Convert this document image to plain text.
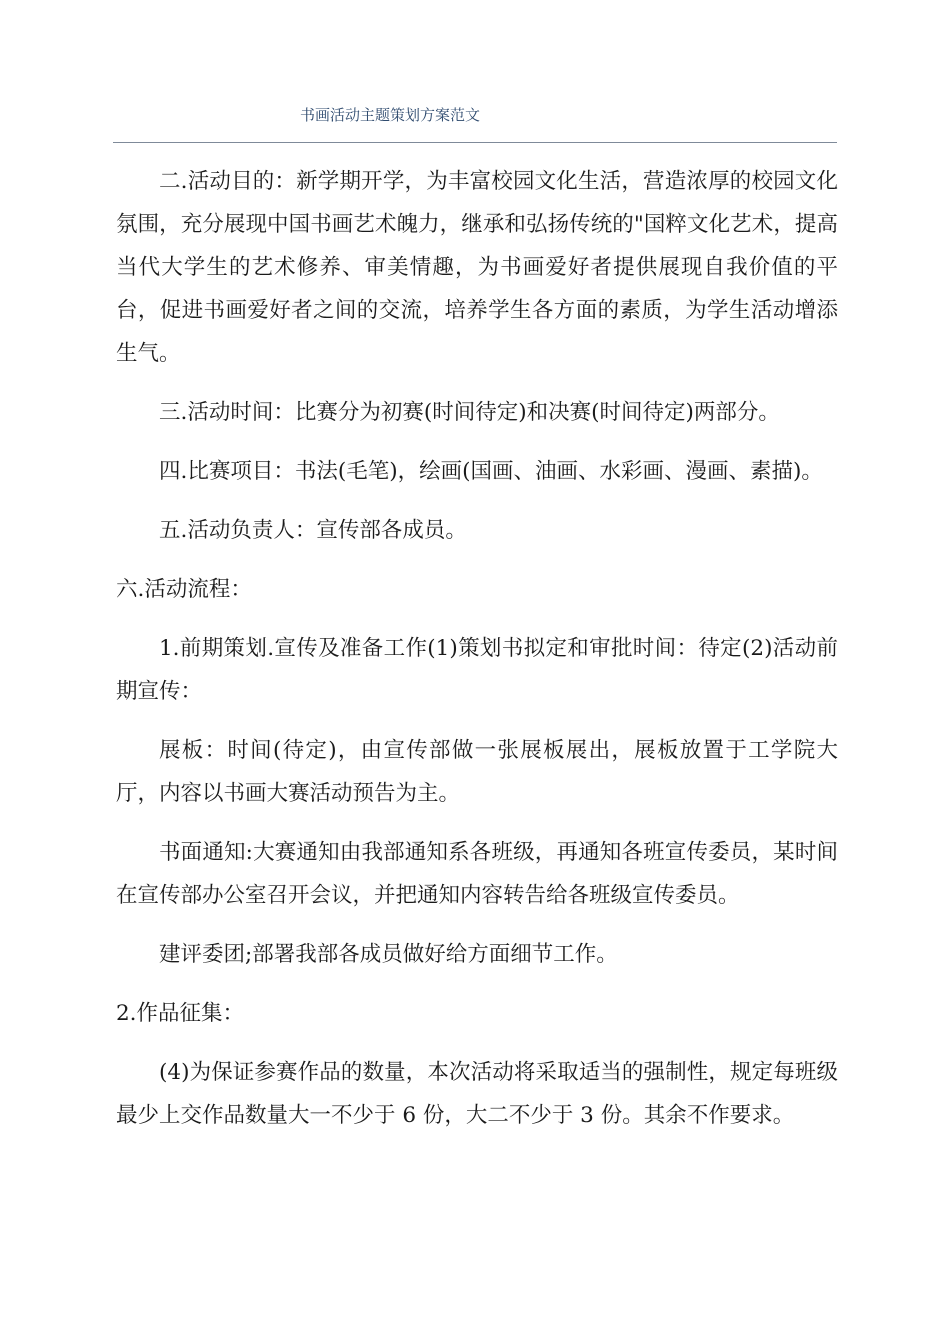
书画活动主题策划方案范文

二.活动目的：新学期开学，为丰富校园文化生活，营造浓厚的校园文化氛围，充分展现中国书画艺术魄力，继承和弘扬传统的"国粹文化艺术，提高当代大学生的艺术修养、审美情趣，为书画爱好者提供展现自我价值的平台，促进书画爱好者之间的交流，培养学生各方面的素质，为学生活动增添生气。

三.活动时间：比赛分为初赛(时间待定)和决赛(时间待定)两部分。

四.比赛项目：书法(毛笔)，绘画(国画、油画、水彩画、漫画、素描)。

五.活动负责人：宣传部各成员。

六.活动流程：

1.前期策划.宣传及准备工作(1)策划书拟定和审批时间：待定(2)活动前期宣传：

展板：时间(待定)，由宣传部做一张展板展出，展板放置于工学院大厅，内容以书画大赛活动预告为主。

书面通知:大赛通知由我部通知系各班级，再通知各班宣传委员，某时间在宣传部办公室召开会议，并把通知内容转告给各班级宣传委员。

建评委团;部署我部各成员做好给方面细节工作。

2.作品征集：

(4)为保证参赛作品的数量，本次活动将采取适当的强制性，规定每班级最少上交作品数量大一不少于 6 份，大二不少于 3 份。其余不作要求。
